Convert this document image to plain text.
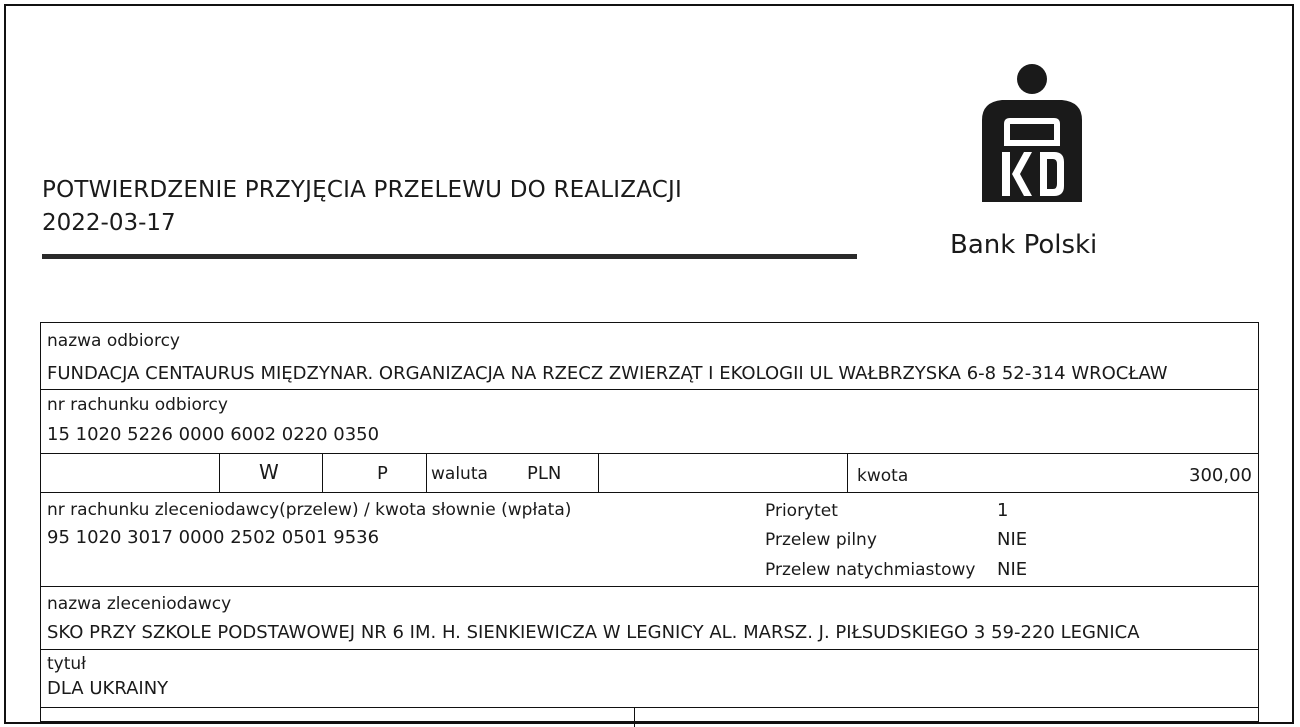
POTWIERDZENIE PRZYJĘCIA PRZELEWU DO REALIZACJI
2022-03-17
Bank Polski
nazwa odbiorcy
FUNDACJA CENTAURUS MIĘDZYNAR. ORGANIZACJA NA RZECZ ZWIERZĄT I EKOLOGII UL WAŁBRZYSKA 6-8 52-314 WROCŁAW
nr rachunku odbiorcy
15 1020 5226 0000 6002 0220 0350
W	P	waluta PLN	kwota	300,00
nr rachunku zleceniodawcy(przelew) / kwota słownie (wpłata)
95 1020 3017 0000 2502 0501 9536
Priorytet	1
Przelew pilny	NIE
Przelew natychmiastowy NIE
nazwa zleceniodawcy
SKO PRZY SZKOLE PODSTAWOWEJ NR 6 IM. H. SIENKIEWICZA W LEGNICY AL. MARSZ. J. PIŁSUDSKIEGO 3 59-220 LEGNICA
tytuł
DLA UKRAINY
